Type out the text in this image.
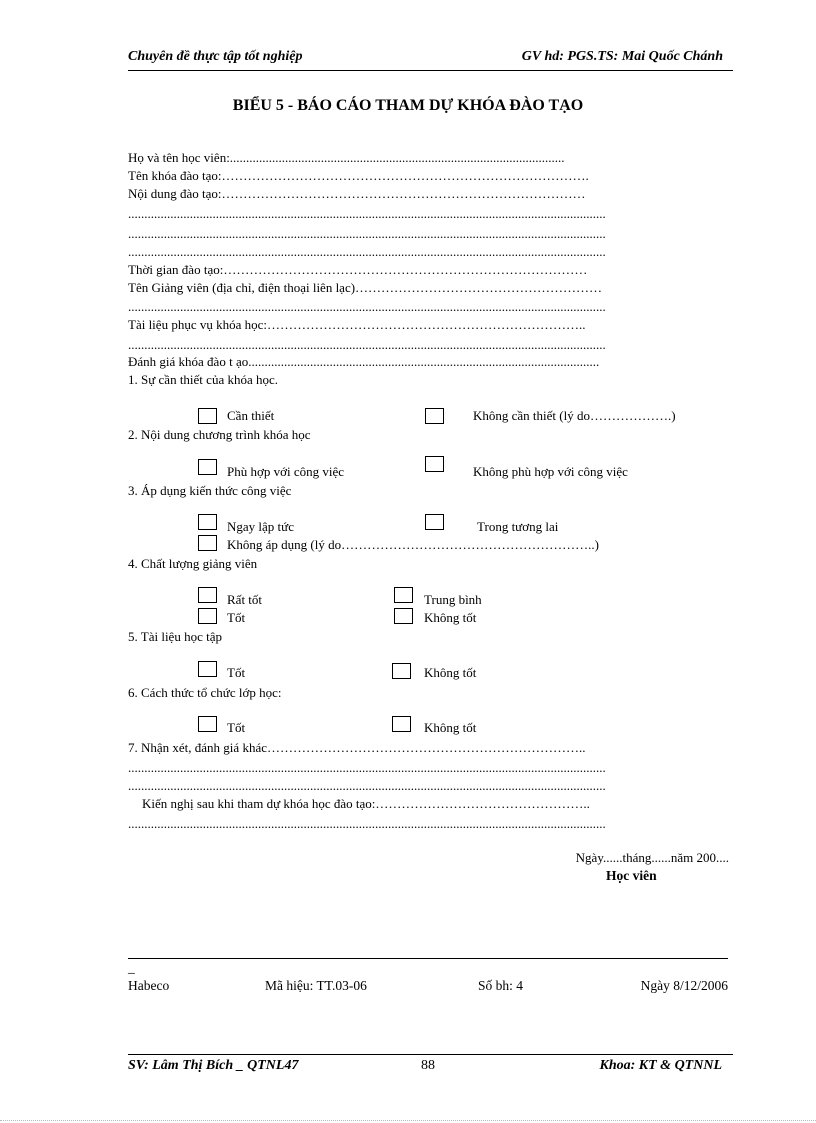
Chuyên đề thực tập tốt nghiệp	GV hd: PGS.TS: Mai Quốc Chánh
BIỂU 5 - BÁO CÁO THAM DỰ KHÓA ĐÀO TẠO
Họ và tên học viên:.......................................................................................................
Tên khóa đào tạo:………………………………………………………………………….
Nội dung đào tạo:…………………………………………………………………………
...................................................................................................................................................
...................................................................................................................................................
...................................................................................................................................................
Thời gian đào tạo:…………………………………………………………………………
Tên Giảng viên (địa chỉ, điện thoại liên lạc)…………………………………………………
...................................................................................................................................................
Tài liệu phục vụ khóa học:………………………………………………………………..
...................................................................................................................................................
Đánh giá khóa đào t ạo............................................................................................................
1. Sự cần thiết của khóa học.
Cần thiết	Không cần thiết (lý do……………….)
2. Nội dung chương trình khóa học
Phù hợp với công việc	Không phù hợp với công việc
3. Áp dụng kiến thức công việc
Ngay lập tức	Trong tương lai
Không áp dụng (lý do…………………………………………………..)
4. Chất lượng giảng viên
Rất tốt	Trung bình
Tốt	Không tốt
5. Tài liệu học tập
Tốt	Không tốt
6. Cách thức tổ chức lớp học:
Tốt	Không tốt
7. Nhận xét, đánh giá khác………………………………………………………………..
...................................................................................................................................................
...................................................................................................................................................
Kiến nghị sau khi tham dự khóa học đào tạo:…………………………………………..
...................................................................................................................................................
Ngày......tháng......năm 200....
Học viên
_
Habeco	Mã hiệu: TT.03-06	Số bh: 4	Ngày 8/12/2006
SV: Lâm Thị Bích _ QTNL47	88	Khoa: KT & QTNNL
